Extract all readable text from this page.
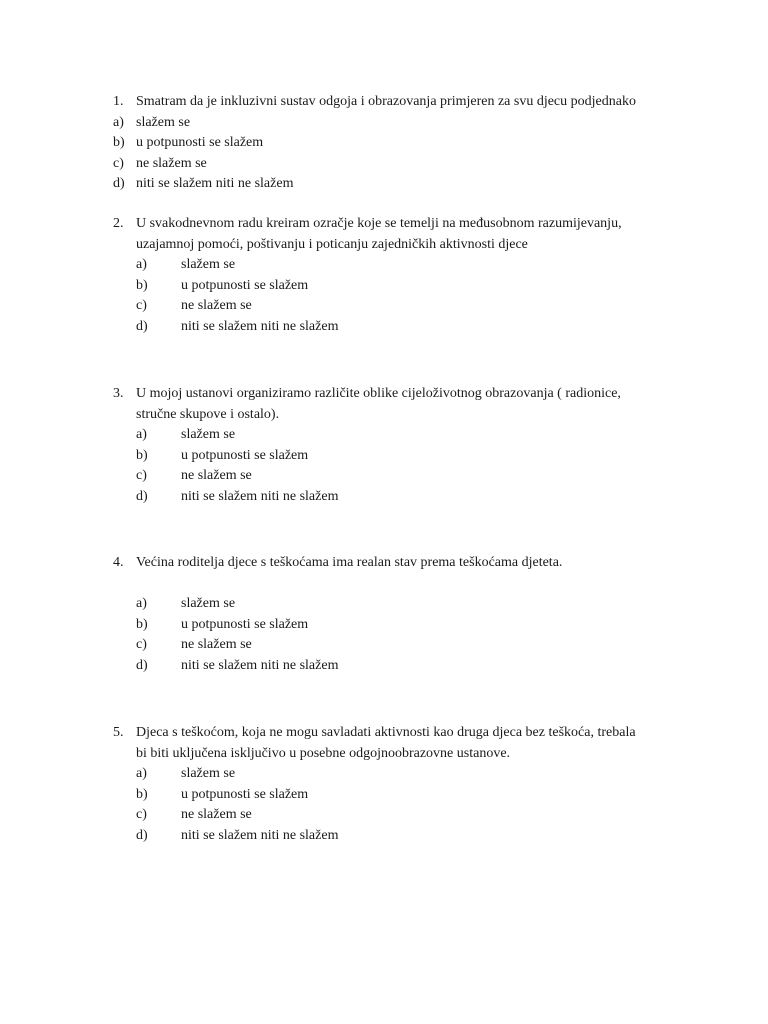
1. Smatram da je inkluzivni sustav odgoja i obrazovanja primjeren za svu djecu podjednako
a) slažem se
b) u potpunosti se slažem
c) ne slažem se
d) niti se slažem niti ne slažem
2. U svakodnevnom radu kreiram ozračje koje se temelji na međusobnom razumijevanju,
uzajamnoj pomoći, poštivanju i poticanju zajedničkih aktivnosti djece
a)	slažem se
b)	u potpunosti se slažem
c)	ne slažem se
d)	niti se slažem niti ne slažem
3. U mojoj ustanovi organiziramo različite oblike cijeloživotnog obrazovanja ( radionice,
stručne skupove i ostalo).
a)	slažem se
b)	u potpunosti se slažem
c)	ne slažem se
d)	niti se slažem niti ne slažem
4. Većina roditelja djece s teškoćama ima realan stav prema teškoćama djeteta.
a)	slažem se
b)	u potpunosti se slažem
c)	ne slažem se
d)	niti se slažem niti ne slažem
5. Djeca s teškoćom, koja ne mogu savladati aktivnosti kao druga djeca bez teškoća, trebala
bi biti uključena isključivo u posebne odgojnoobrazovne ustanove.
a)	slažem se
b)	u potpunosti se slažem
c)	ne slažem se
d)	niti se slažem niti ne slažem
